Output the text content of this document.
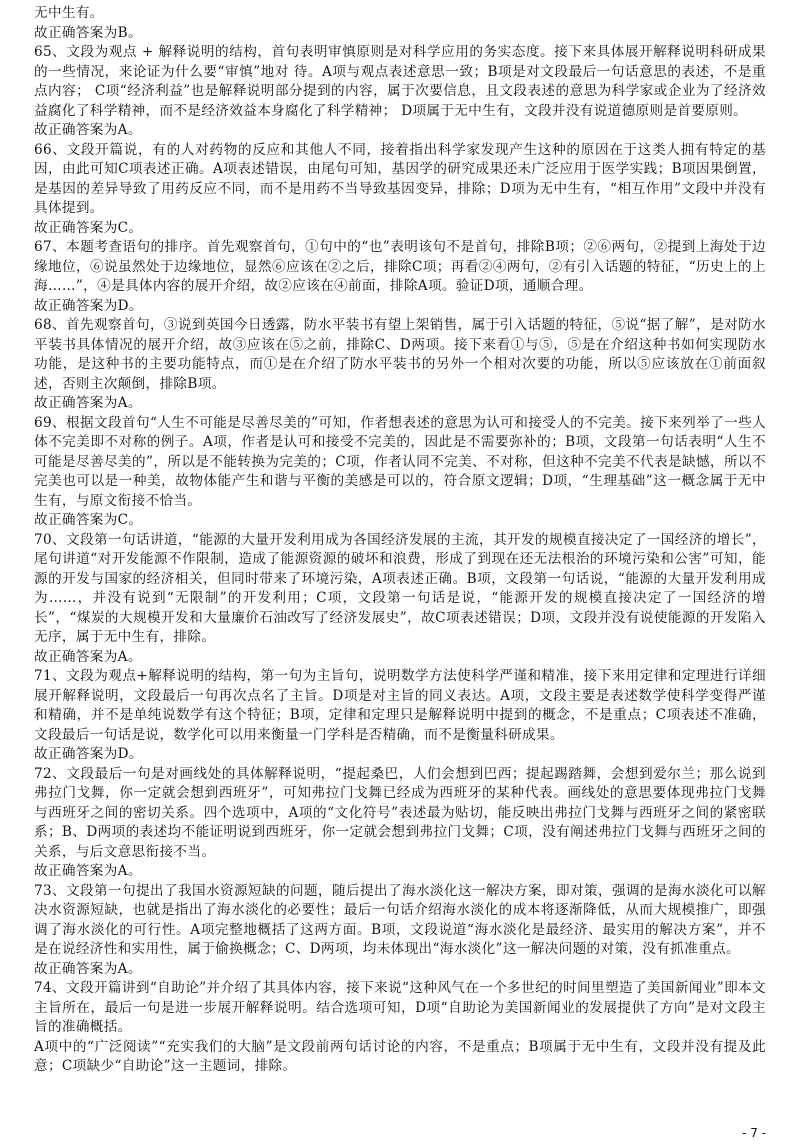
无中生有。

故正确答案为B。

65、文段为观点 + 解释说明的结构，首句表明审慎原则是对科学应用的务实态度。接下来具体展开解释说明科研成果的一些情况，来论证为什么要“审慎”地对 待。A项与观点表述意思一致；B项是对文段最后一句话意思的表述，不是重点内容； C项“经济利益”也是解释说明部分提到的内容，属于次要信息，且文段表述的意思为科学家或企业为了经济效益腐化了科学精神，而不是经济效益本身腐化了科学精神； D项属于无中生有，文段并没有说道德原则是首要原则。

故正确答案为A。

66、文段开篇说，有的人对药物的反应和其他人不同，接着指出科学家发现产生这种的原因在于这类人拥有特定的基因，由此可知C项表述正确。A项表述错误，由尾句可知，基因学的研究成果还未广泛应用于医学实践；B项因果倒置，是基因的差异导致了用药反应不同，而不是用药不当导致基因变异，排除；D项为无中生有，“相互作用”文段中并没有具体提到。

故正确答案为C。

67、本题考查语句的排序。首先观察首句，①句中的“也”表明该句不是首句，排除B项；②⑥两句，②提到上海处于边缘地位，⑥说虽然处于边缘地位，显然⑥应该在②之后，排除C项；再看②④两句，②有引入话题的特征，“历史上的上海……”，④是具体内容的展开介绍，故②应该在④前面，排除A项。验证D项，通顺合理。

故正确答案为D。

68、首先观察首句，③说到英国今日透露，防水平装书有望上架销售，属于引入话题的特征，⑤说“据了解”，是对防水平装书具体情况的展开介绍，故③应该在⑤之前，排除C、D两项。接下来看①与⑤，⑤是在介绍这种书如何实现防水功能，是这种书的主要功能特点，而①是在介绍了防水平装书的另外一个相对次要的功能，所以⑤应该放在①前面叙述，否则主次颠倒，排除B项。

故正确答案为A。

69、根据文段首句“人生不可能是尽善尽美的”可知，作者想表述的意思为认可和接受人的不完美。接下来列举了一些人体不完美即不对称的例子。A项，作者是认可和接受不完美的，因此是不需要弥补的；B项，文段第一句话表明“人生不可能是尽善尽美的”，所以是不能转换为完美的；C项，作者认同不完美、不对称，但这种不完美不代表是缺憾，所以不完美也可以是一种美，故物体能产生和谐与平衡的美感是可以的，符合原文逻辑；D项，“生理基础”这一概念属于无中生有，与原文衔接不恰当。

故正确答案为C。

70、文段第一句话讲道，“能源的大量开发利用成为各国经济发展的主流，其开发的规模直接决定了一国经济的增长”，尾句讲道“对开发能源不作限制，造成了能源资源的破坏和浪费，形成了到现在还无法根治的环境污染和公害”可知，能源的开发与国家的经济相关，但同时带来了环境污染，A项表述正确。B项，文段第一句话说，“能源的大量开发利用成为……，并没有说到“无限制”的开发利用；C项，文段第一句话是说，“能源开发的规模直接决定了一国经济的增长”，“煤炭的大规模开发和大量廉价石油改写了经济发展史”，故C项表述错误；D项，文段并没有说使能源的开发陷入无序，属于无中生有，排除。

故正确答案为A。

71、文段为观点+解释说明的结构，第一句为主旨句，说明数学方法使科学严谨和精准，接下来用定律和定理进行详细展开解释说明，文段最后一句再次点名了主旨。D项是对主旨的同义表达。A项，文段主要是表述数学使科学变得严谨和精确，并不是单纯说数学有这个特征；B项，定律和定理只是解释说明中提到的概念，不是重点；C项表述不准确，文段最后一句话是说，数学化可以用来衡量一门学科是否精确，而不是衡量科研成果。

故正确答案为D。

72、文段最后一句是对画线处的具体解释说明，“提起桑巴，人们会想到巴西；提起踢踏舞，会想到爱尔兰；那么说到弗拉门戈舞，你一定就会想到西班牙”，可知弗拉门戈舞已经成为西班牙的某种代表。画线处的意思要体现弗拉门戈舞与西班牙之间的密切关系。四个选项中，A项的“文化符号”表述最为贴切，能反映出弗拉门戈舞与西班牙之间的紧密联系；B、D两项的表述均不能证明说到西班牙，你一定就会想到弗拉门戈舞；C项，没有阐述弗拉门戈舞与西班牙之间的关系，与后文意思衔接不当。

故正确答案为A。

73、文段第一句提出了我国水资源短缺的问题，随后提出了海水淡化这一解决方案，即对策，强调的是海水淡化可以解决水资源短缺，也就是指出了海水淡化的必要性；最后一句话介绍海水淡化的成本将逐渐降低，从而大规模推广，即强调了海水淡化的可行性。A项完整地概括了这两方面。B项，文段说道“海水淡化是最经济、最实用的解决方案”，并不是在说经济性和实用性，属于偷换概念；C、D两项，均未体现出“海水淡化”这一解决问题的对策，没有抓准重点。

故正确答案为A。

74、文段开篇讲到“自助论”并介绍了其具体内容，接下来说“这种风气在一个多世纪的时间里塑造了美国新闻业”即本文主旨所在，最后一句是进一步展开解释说明。结合选项可知，D项“自助论为美国新闻业的发展提供了方向”是对文段主旨的准确概括。

A项中的“广泛阅读”“充实我们的大脑”是文段前两句话讨论的内容，不是重点；B项属于无中生有，文段并没有提及此意；C项缺少“自助论”这一主题词，排除。

- 7 -
